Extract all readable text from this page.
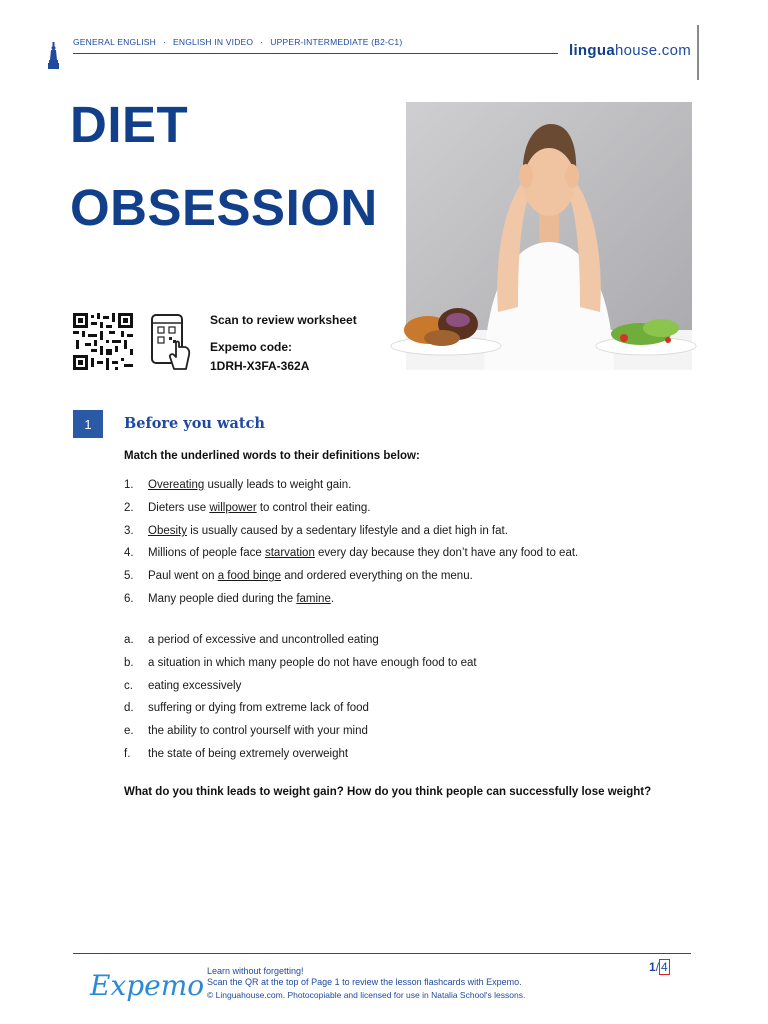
GENERAL ENGLISH · ENGLISH IN VIDEO · UPPER-INTERMEDIATE (B2-C1)	linguahouse.com
DIET
OBSESSION
Scan to review worksheet
Expemo code:
1DRH-X3FA-362A
1	Before you watch
Match the underlined words to their definitions below:
1. Overeating usually leads to weight gain.
2. Dieters use willpower to control their eating.
3. Obesity is usually caused by a sedentary lifestyle and a diet high in fat.
4. Millions of people face starvation every day because they don’t have any food to eat.
5. Paul went on a food binge and ordered everything on the menu.
6. Many people died during the famine.
a. a period of excessive and uncontrolled eating
b. a situation in which many people do not have enough food to eat
c. eating excessively
d. suffering or dying from extreme lack of food
e. the ability to control yourself with your mind
f. the state of being extremely overweight
What do you think leads to weight gain? How do you think people can successfully lose weight?
Expemo Learn without forgetting!
Scan the QR at the top of Page 1 to review the lesson flashcards with Expemo.
© Linguahouse.com. Photocopiable and licensed for use in Natalia School's lessons.
1/ 4
